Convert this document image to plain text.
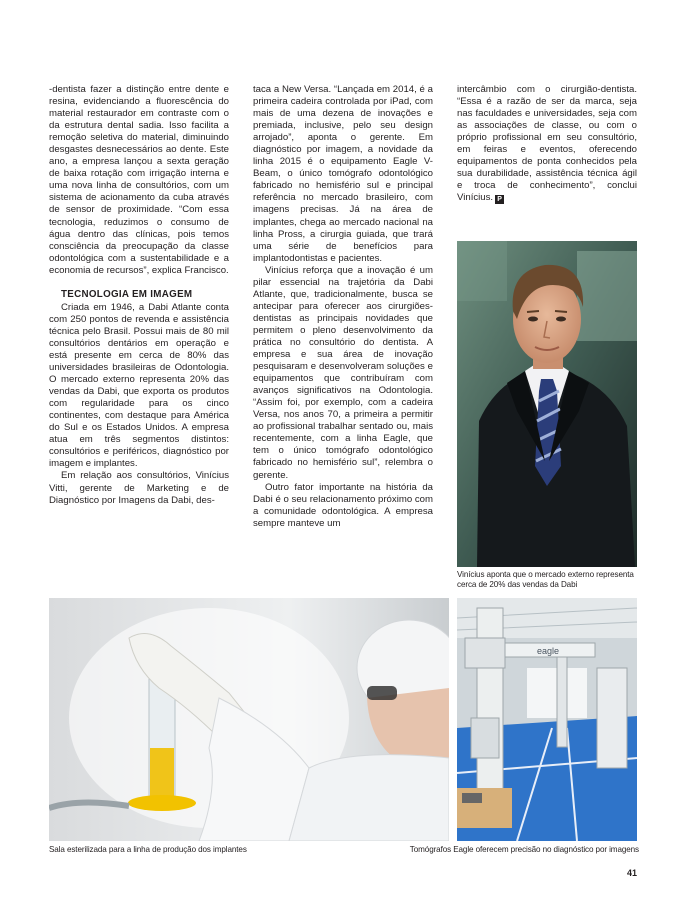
-dentista fazer a distinção entre dente e resina, evidenciando a fluorescência do material restaurador em contraste com o da estrutura dental sadia. Isso facilita a remoção seletiva do material, diminuindo desgastes desnecessários ao dente. Este ano, a empresa lançou a sexta geração de baixa rotação com irrigação interna e uma nova linha de consultórios, com um sistema de acionamento da cuba através de sensor de proximidade. “Com essa tecnologia, reduzimos o consumo de água dentro das clínicas, pois temos consciência da preocupação da classe odontológica com a sustentabilidade e a economia de recursos”, explica Francisco.

TECNOLOGIA EM IMAGEM

Criada em 1946, a Dabi Atlante conta com 250 pontos de revenda e assistência técnica pelo Brasil. Possui mais de 80 mil consultórios dentários em operação e está presente em cerca de 80% das universidades brasileiras de Odontologia. O mercado externo representa 20% das vendas da Dabi, que exporta os produtos com regularidade para os cinco continentes, com destaque para América do Sul e os Estados Unidos. A empresa atua em três segmentos distintos: consultórios e periféricos, diagnóstico por imagem e implantes.

Em relação aos consultórios, Vinícius Vitti, gerente de Marketing e de Diagnóstico por Imagens da Dabi, des-

taca a New Versa. “Lançada em 2014, é a primeira cadeira controlada por iPad, com mais de uma dezena de inovações e premiada, inclusive, pelo seu design arrojado”, aponta o gerente. Em diagnóstico por imagem, a novidade da linha 2015 é o equipamento Eagle V-Beam, o único tomógrafo odontológico fabricado no hemisfério sul e principal referência no mercado brasileiro, com imagens precisas. Já na área de implantes, chega ao mercado nacional na linha Pross, a cirurgia guiada, que trará uma série de benefícios para implantodontistas e pacientes.

Vinícius reforça que a inovação é um pilar essencial na trajetória da Dabi Atlante, que, tradicionalmente, busca se antecipar para oferecer aos cirurgiões-dentistas as principais novidades que permitem o pleno desenvolvimento da prática no consultório do dentista. A empresa e sua área de inovação pesquisaram e desenvolveram soluções e equipamentos que contribuíram com avanços significativos na Odontologia. “Assim foi, por exemplo, com a cadeira Versa, nos anos 70, a primeira a permitir ao profissional trabalhar sentado ou, mais recentemente, com a linha Eagle, que tem o único tomógrafo odontológico fabricado no hemisfério sul”, relembra o gerente.

Outro fator importante na história da Dabi é o seu relacionamento próximo com a comunidade odontológica. A empresa sempre manteve um

intercâmbio com o cirurgião-dentista. “Essa é a razão de ser da marca, seja nas faculdades e universidades, seja com as associações de classe, ou com o próprio profissional em seu consultório, em feiras e eventos, oferecendo equipamentos de ponta conhecidos pela sua durabilidade, assistência técnica ágil e troca de conhecimento”, conclui Vinícius. P

Vinícius aponta que o mercado externo representa cerca de 20% das vendas da Dabi
Sala esterilizada para a linha de produção dos implantes
eagle
Tomógrafos Eagle oferecem precisão no diagnóstico por imagens
41
